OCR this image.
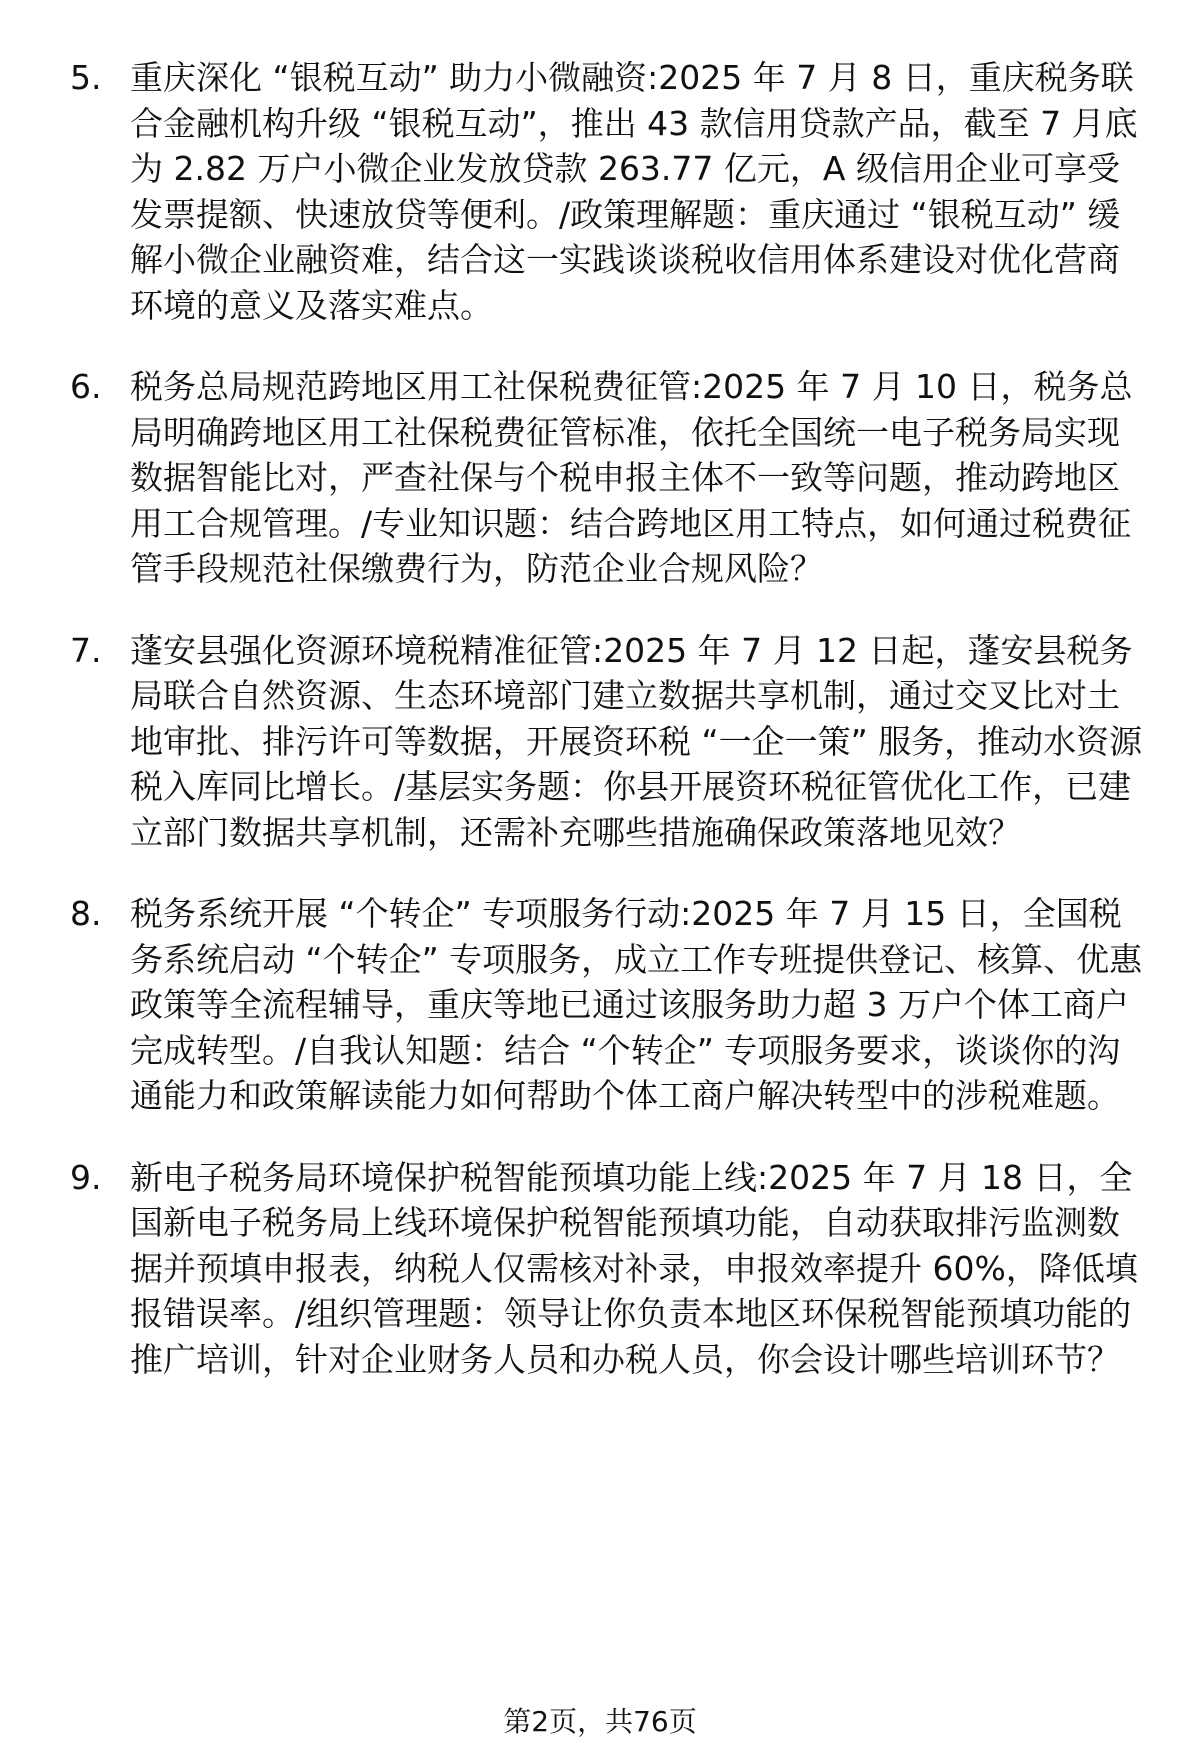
5. 重庆深化 “银税互动” 助力小微融资:2025 年 7 月 8 日，重庆税务联合金融机构升级 “银税互动”，推出 43 款信用贷款产品，截至 7 月底为 2.82 万户小微企业发放贷款 263.77 亿元，A 级信用企业可享受发票提额、快速放贷等便利。/政策理解题：重庆通过 “银税互动” 缓解小微企业融资难，结合这一实践谈谈税收信用体系建设对优化营商环境的意义及落实难点。
6. 税务总局规范跨地区用工社保税费征管:2025 年 7 月 10 日，税务总局明确跨地区用工社保税费征管标准，依托全国统一电子税务局实现数据智能比对，严查社保与个税申报主体不一致等问题，推动跨地区用工合规管理。/专业知识题：结合跨地区用工特点，如何通过税费征管手段规范社保缴费行为，防范企业合规风险？
7. 蓬安县强化资源环境税精准征管:2025 年 7 月 12 日起，蓬安县税务局联合自然资源、生态环境部门建立数据共享机制，通过交叉比对土地审批、排污许可等数据，开展资环税 “一企一策” 服务，推动水资源税入库同比增长。/基层实务题：你县开展资环税征管优化工作，已建立部门数据共享机制，还需补充哪些措施确保政策落地见效？
8. 税务系统开展 “个转企” 专项服务行动:2025 年 7 月 15 日，全国税务系统启动 “个转企” 专项服务，成立工作专班提供登记、核算、优惠政策等全流程辅导，重庆等地已通过该服务助力超 3 万户个体工商户完成转型。/自我认知题：结合 “个转企” 专项服务要求，谈谈你的沟通能力和政策解读能力如何帮助个体工商户解决转型中的涉税难题。
9. 新电子税务局环境保护税智能预填功能上线:2025 年 7 月 18 日，全国新电子税务局上线环境保护税智能预填功能，自动获取排污监测数据并预填申报表，纳税人仅需核对补录，申报效率提升 60%，降低填报错误率。/组织管理题：领导让你负责本地区环保税智能预填功能的推广培训，针对企业财务人员和办税人员，你会设计哪些培训环节？
第2页，共76页
